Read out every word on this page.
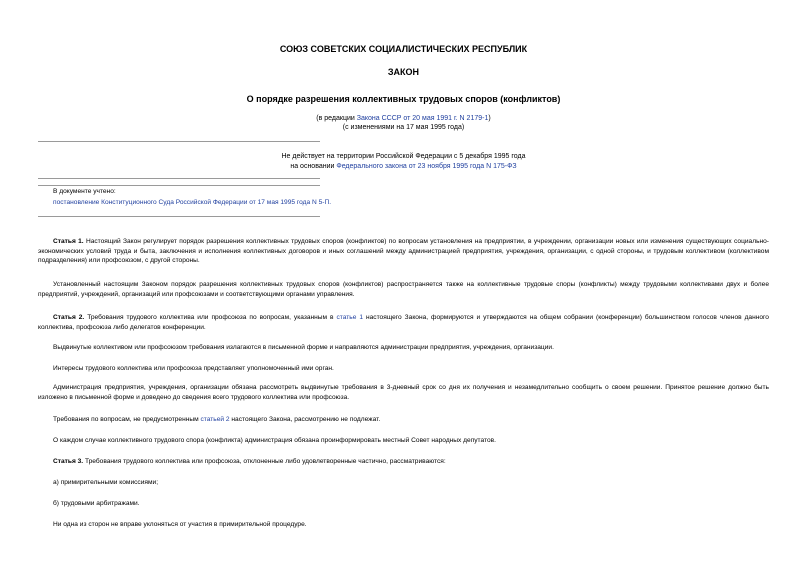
СОЮЗ СОВЕТСКИХ СОЦИАЛИСТИЧЕСКИХ РЕСПУБЛИК
ЗАКОН
О порядке разрешения коллективных трудовых споров (конфликтов)
(в редакции Закона СССР от 20 мая 1991 г. N 2179-1)
(с изменениями на 17 мая 1995 года)
Не действует на территории Российской Федерации с 5 декабря 1995 года
на основании Федерального закона от 23 ноября 1995 года N 175-ФЗ
В документе учтено:
постановление Конституционного Суда Российской Федерации от 17 мая 1995 года N 5-П.
Статья 1. Настоящий Закон регулирует порядок разрешения коллективных трудовых споров (конфликтов) по вопросам установления на предприятии, в учреждении, организации новых или изменения существующих социально-экономических условий труда и быта, заключения и исполнения коллективных договоров и иных соглашений между администрацией предприятия, учреждения, организации, с одной стороны, и трудовым коллективом (коллективом подразделения) или профсоюзом, с другой стороны.
Установленный настоящим Законом порядок разрешения коллективных трудовых споров (конфликтов) распространяется также на коллективные трудовые споры (конфликты) между трудовыми коллективами двух и более предприятий, учреждений, организаций или профсоюзами и соответствующими органами управления.
Статья 2. Требования трудового коллектива или профсоюза по вопросам, указанным в статье 1 настоящего Закона, формируются и утверждаются на общем собрании (конференции) большинством голосов членов данного коллектива, профсоюза либо делегатов конференции.
Выдвинутые коллективом или профсоюзом требования излагаются в письменной форме и направляются администрации предприятия, учреждения, организации.
Интересы трудового коллектива или профсоюза представляет уполномоченный ими орган.
Администрация предприятия, учреждения, организации обязана рассмотреть выдвинутые требования в 3-дневный срок со дня их получения и незамедлительно сообщить о своем решении. Принятое решение должно быть изложено в письменной форме и доведено до сведения всего трудового коллектива или профсоюза.
Требования по вопросам, не предусмотренным статьей 2 настоящего Закона, рассмотрению не подлежат.
О каждом случае коллективного трудового спора (конфликта) администрация обязана проинформировать местный Совет народных депутатов.
Статья 3. Требования трудового коллектива или профсоюза, отклоненные либо удовлетворенные частично, рассматриваются:
а) примирительными комиссиями;
б) трудовыми арбитражами.
Ни одна из сторон не вправе уклоняться от участия в примирительной процедуре.
